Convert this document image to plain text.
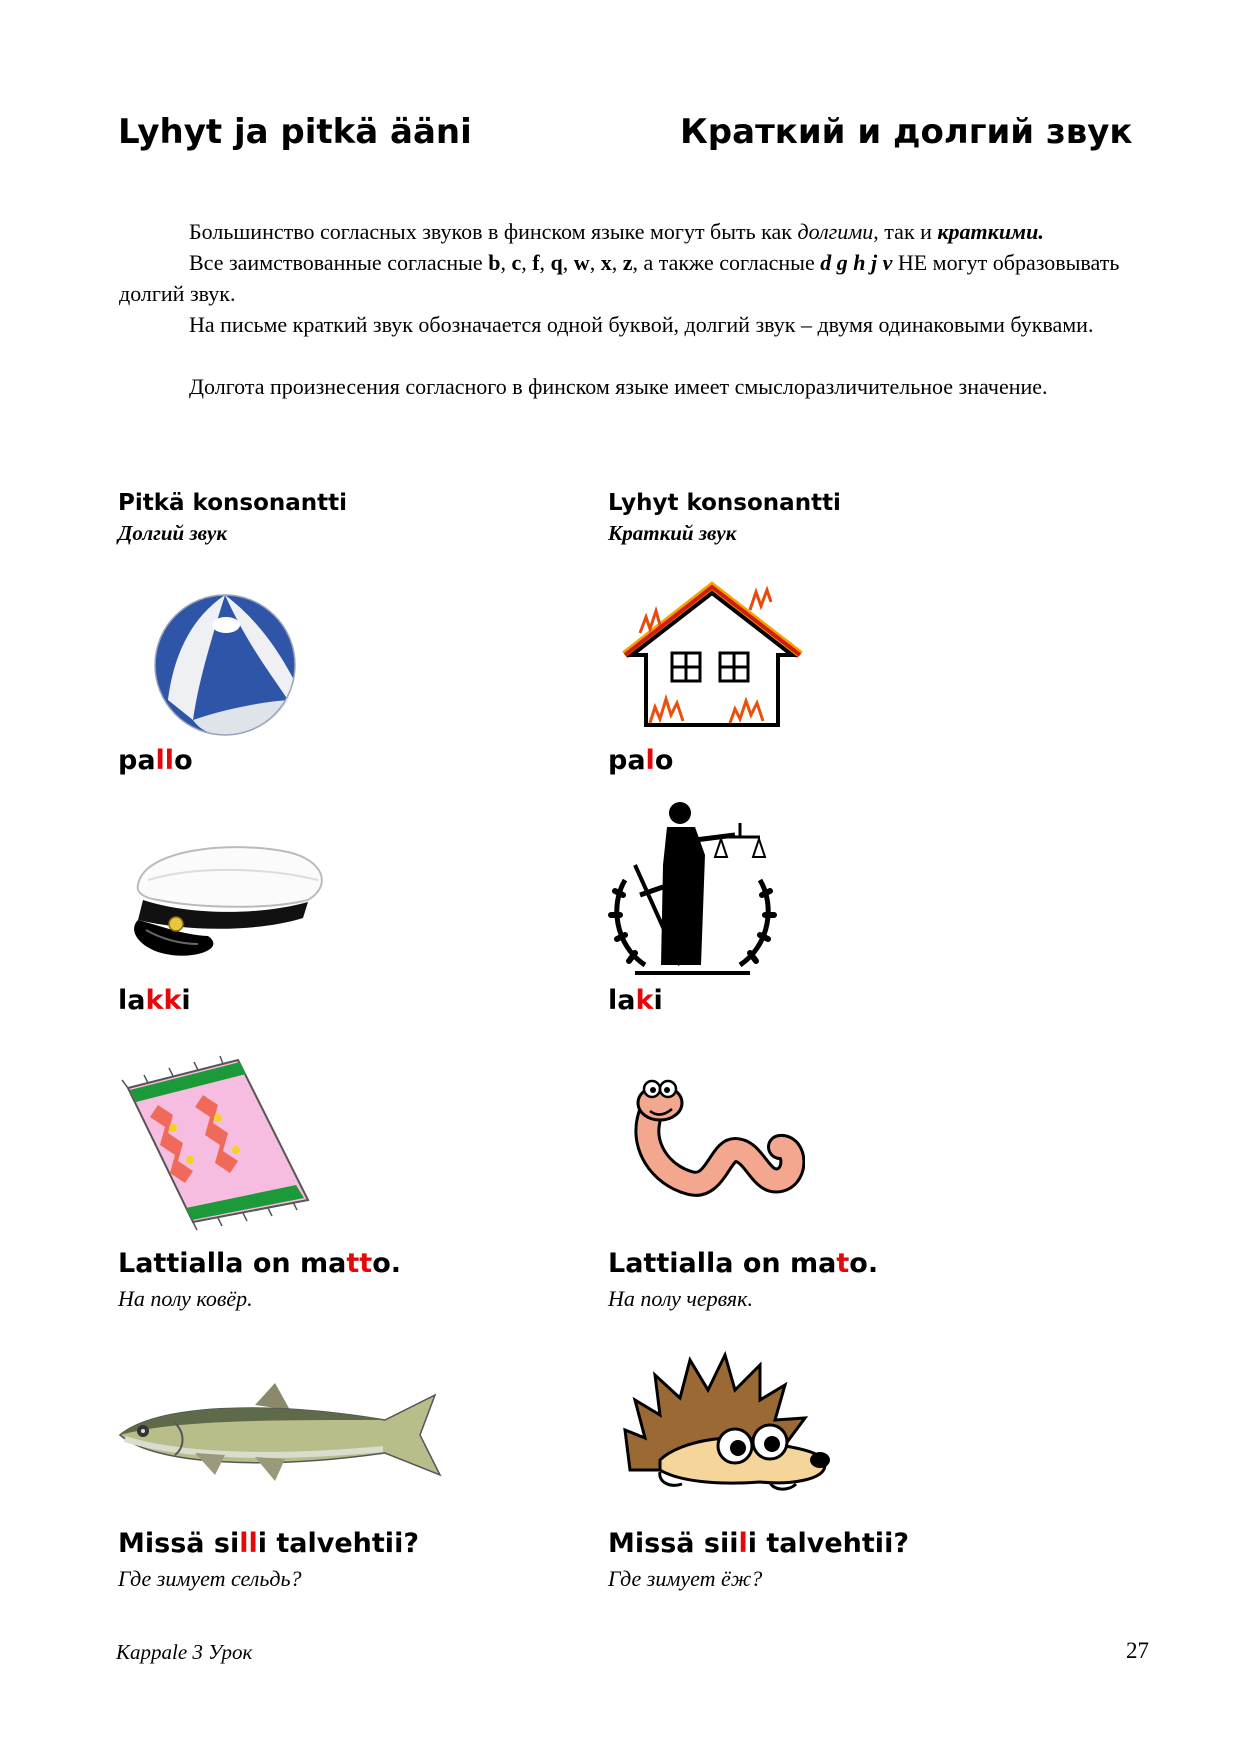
Lyhyt ja pitkä ääni	Краткий и долгий звук

Большинство согласных звуков в финском языке могут быть как долгими, так и краткими.

Все заимствованные согласные b, c, f, q, w, x, z, а также согласные d g h j v НЕ могут образовывать долгий звук.

На письме краткий звук обозначается одной буквой, долгий звук – двумя одинаковыми буквами.

Долгота произнесения согласного в финском языке имеет смыслоразличительное значение.

Pitkä konsonantti
Долгий звук
Lyhyt konsonantti
Краткий звук
pallo	palo
lakki	laki
Lattialla on matto.
На полу ковёр.
Lattialla on mato.
На полу червяк.
Missä silli talvehtii?
Где зимует сельдь?
Missä siili talvehtii?
Где зимует ёж?
Kappale 3 Урок	27
